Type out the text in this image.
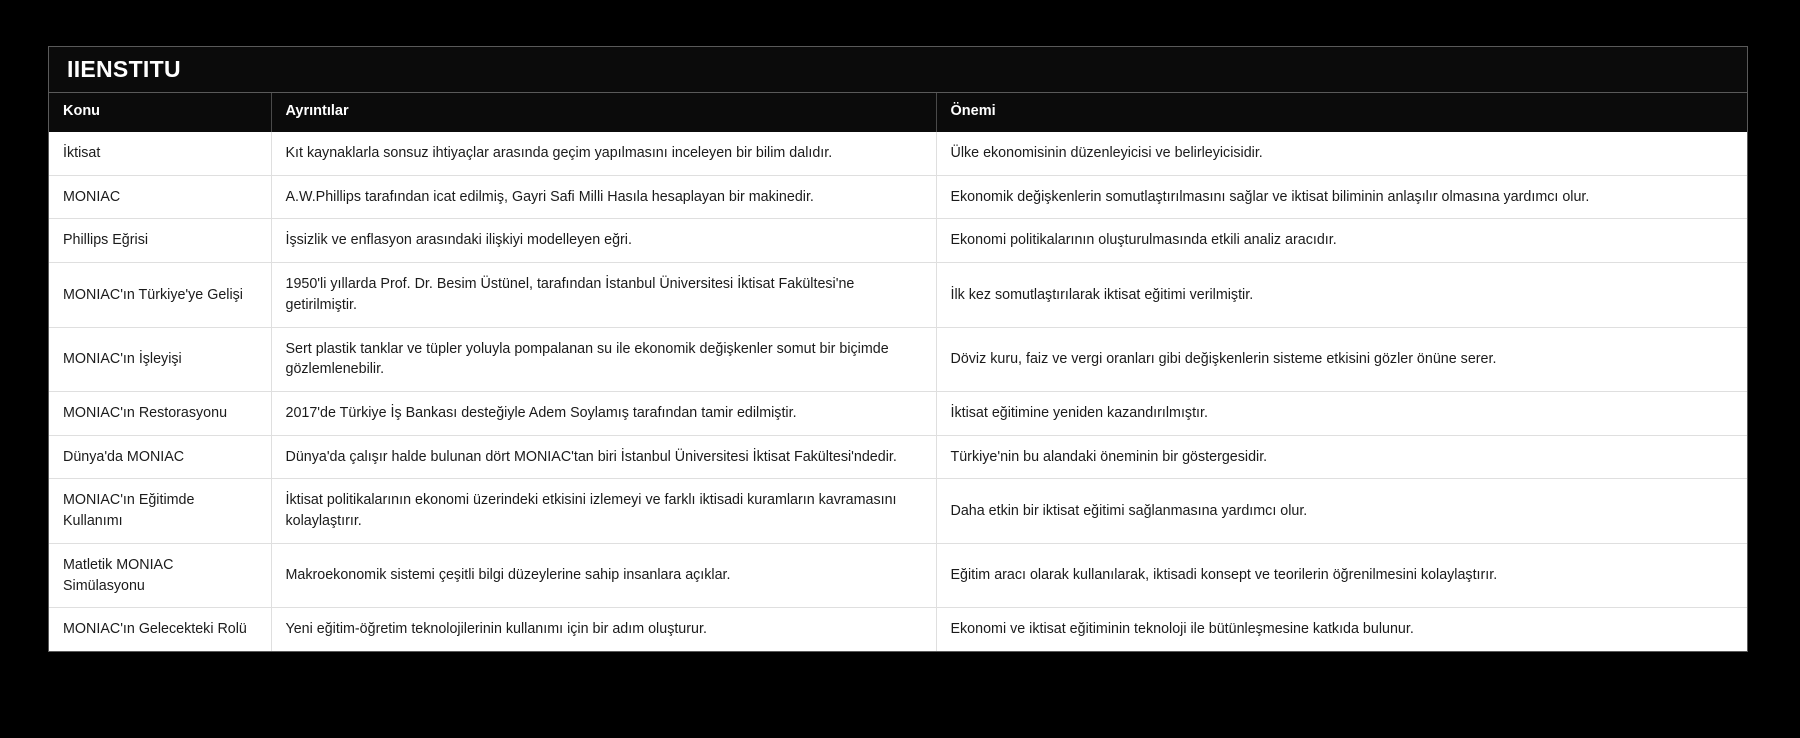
IIENSTITU
Konu	Ayrıntılar	Önemi
İktisat	Kıt kaynaklarla sonsuz ihtiyaçlar arasında geçim yapılmasını inceleyen bir bilim dalıdır.	Ülke ekonomisinin düzenleyicisi ve belirleyicisidir.
MONIAC	A.W.Phillips tarafından icat edilmiş, Gayri Safi Milli Hasıla hesaplayan bir makinedir.	Ekonomik değişkenlerin somutlaştırılmasını sağlar ve iktisat biliminin anlaşılır olmasına yardımcı olur.
Phillips Eğrisi	İşsizlik ve enflasyon arasındaki ilişkiyi modelleyen eğri.	Ekonomi politikalarının oluşturulmasında etkili analiz aracıdır.
MONIAC'ın Türkiye'ye Gelişi	1950'li yıllarda Prof. Dr. Besim Üstünel, tarafından İstanbul Üniversitesi İktisat Fakültesi'ne getirilmiştir.	İlk kez somutlaştırılarak iktisat eğitimi verilmiştir.
MONIAC'ın İşleyişi	Sert plastik tanklar ve tüpler yoluyla pompalanan su ile ekonomik değişkenler somut bir biçimde gözlemlenebilir.	Döviz kuru, faiz ve vergi oranları gibi değişkenlerin sisteme etkisini gözler önüne serer.
MONIAC'ın Restorasyonu	2017'de Türkiye İş Bankası desteğiyle Adem Soylamış tarafından tamir edilmiştir.	İktisat eğitimine yeniden kazandırılmıştır.
Dünya'da MONIAC	Dünya'da çalışır halde bulunan dört MONIAC'tan biri İstanbul Üniversitesi İktisat Fakültesi'ndedir.	Türkiye'nin bu alandaki öneminin bir göstergesidir.
MONIAC'ın Eğitimde Kullanımı	İktisat politikalarının ekonomi üzerindeki etkisini izlemeyi ve farklı iktisadi kuramların kavramasını kolaylaştırır.	Daha etkin bir iktisat eğitimi sağlanmasına yardımcı olur.
Matletik MONIAC Simülasyonu	Makroekonomik sistemi çeşitli bilgi düzeylerine sahip insanlara açıklar.	Eğitim aracı olarak kullanılarak, iktisadi konsept ve teorilerin öğrenilmesini kolaylaştırır.
MONIAC'ın Gelecekteki Rolü	Yeni eğitim-öğretim teknolojilerinin kullanımı için bir adım oluşturur.	Ekonomi ve iktisat eğitiminin teknoloji ile bütünleşmesine katkıda bulunur.
